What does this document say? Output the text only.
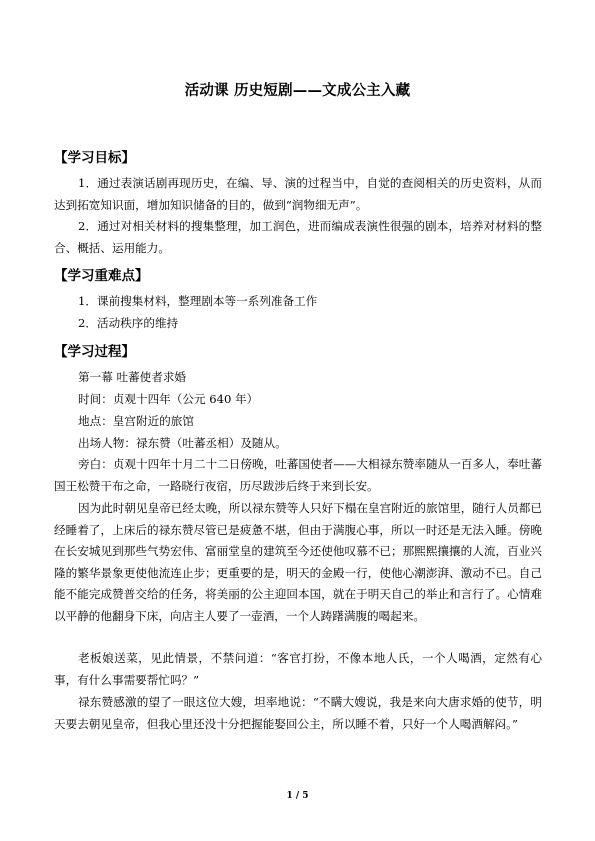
活动课 历史短剧——文成公主入藏
【学习目标】

1．通过表演话剧再现历史，在编、导、演的过程当中，自觉的查阅相关的历史资料，从而达到拓宽知识面，增加知识储备的目的，做到“润物细无声”。

2．通过对相关材料的搜集整理，加工润色，进而编成表演性很强的剧本，培养对材料的整合、概括、运用能力。

【学习重难点】
1．课前搜集材料，整理剧本等一系列准备工作
2．活动秩序的维持
【学习过程】
第一幕 吐蕃使者求婚
时间：贞观十四年（公元 640 年）
地点：皇宫附近的旅馆
出场人物：禄东赞（吐蕃丞相）及随从。

旁白：贞观十四年十月二十二日傍晚，吐蕃国使者——大相禄东赞率随从一百多人，奉吐蕃国王松赞干布之命，一路晓行夜宿，历尽跋涉后终于来到长安。

因为此时朝见皇帝已经太晚，所以禄东赞等人只好下榻在皇宫附近的旅馆里，随行人员都已经睡着了，上床后的禄东赞尽管已是疲惫不堪，但由于满腹心事，所以一时还是无法入睡。傍晚在长安城见到那些气势宏伟、富丽堂皇的建筑至今还使他叹慕不已；那熙熙攘攘的人流，百业兴隆的繁华景象更使他流连止步；更重要的是，明天的金殿一行，使他心潮澎湃、激动不已。自己能不能完成赞普交给的任务，将美丽的公主迎回本国，就在于明天自己的举止和言行了。心情难以平静的他翻身下床，向店主人要了一壶酒，一个人踌躇满腹的喝起来。

老板娘送菜，见此情景，不禁问道：“客官打扮，不像本地人氏，一个人喝酒，定然有心事，有什么事需要帮忙吗？”

禄东赞感激的望了一眼这位大嫂，坦率地说：“不瞒大嫂说，我是来向大唐求婚的使节，明天要去朝见皇帝，但我心里还没十分把握能娶回公主，所以睡不着，只好一个人喝酒解闷。”

1 / 5
